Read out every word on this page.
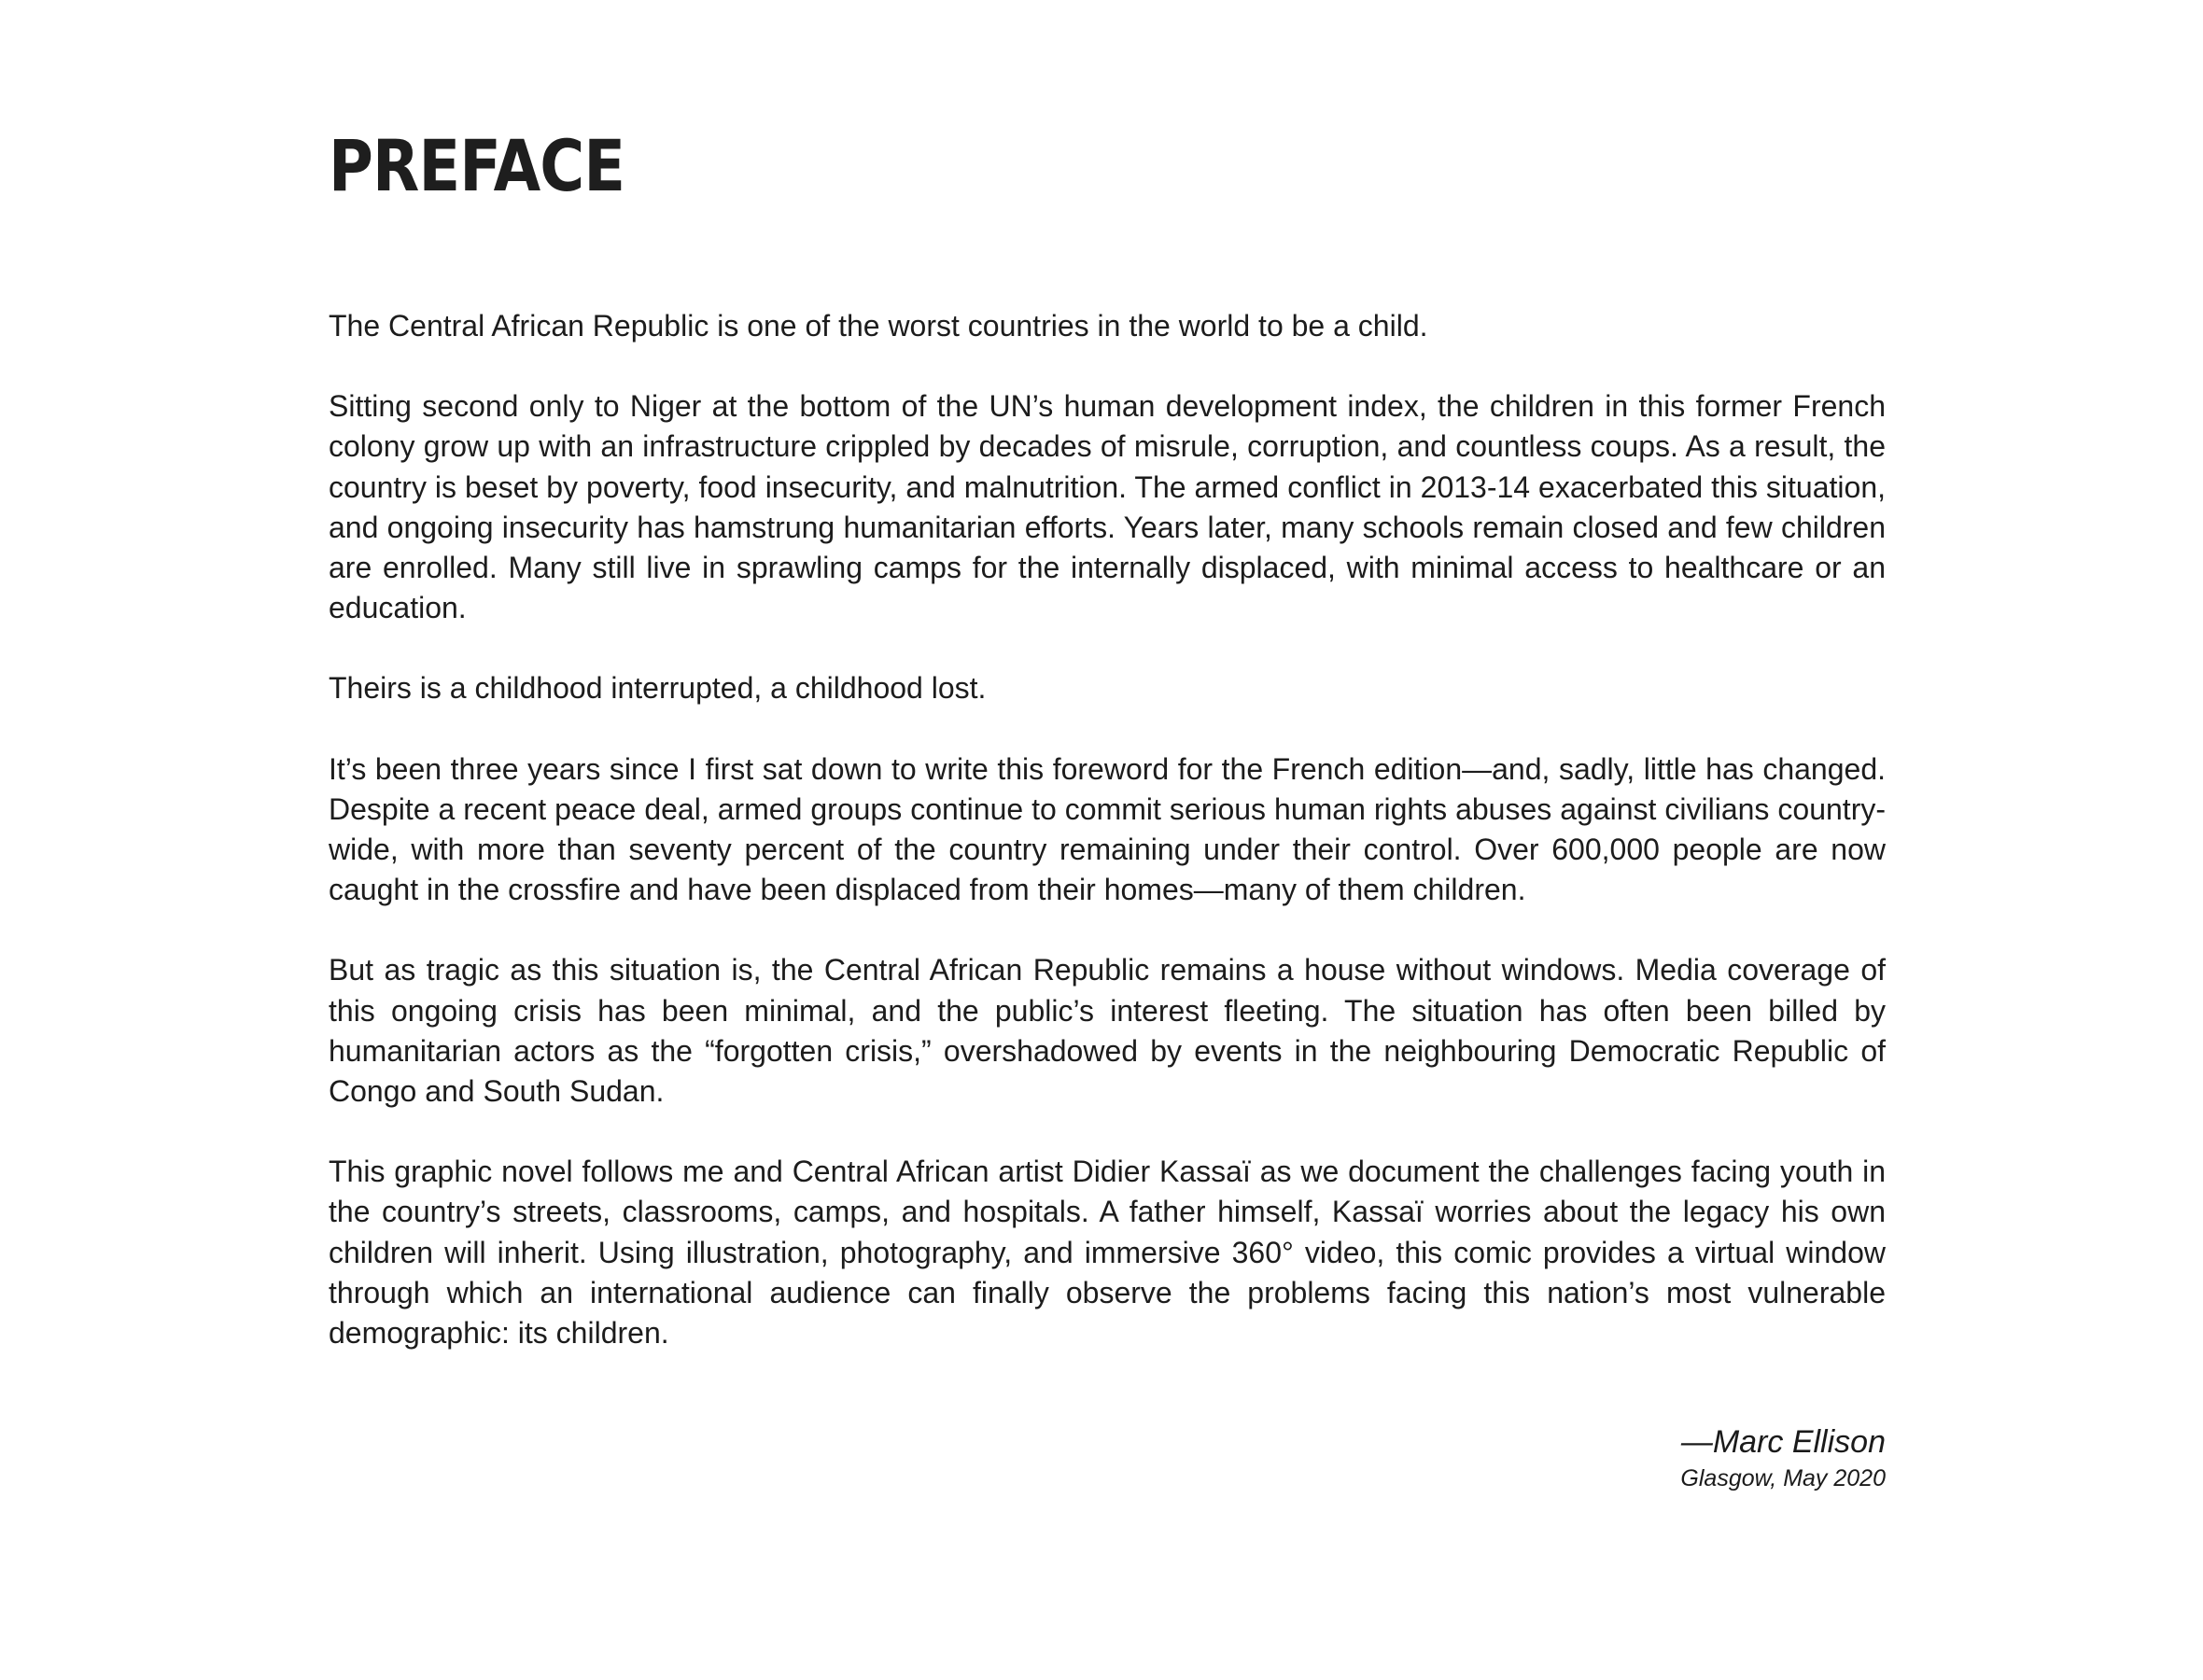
PREFACE

The Central African Republic is one of the worst countries in the world to be a child.

Sitting second only to Niger at the bottom of the UN’s human development index, the children in this former French colony grow up with an infrastructure crippled by decades of misrule, corruption, and countless coups. As a result, the country is beset by poverty, food insecurity, and malnutrition. The armed conflict in 2013-14 exacerbated this situation, and ongoing insecurity has hamstrung humanitarian efforts. Years later, many schools remain closed and few children are enrolled. Many still live in sprawling camps for the internally displaced, with minimal access to healthcare or an education.

Theirs is a childhood interrupted, a childhood lost.

It’s been three years since I first sat down to write this foreword for the French edition—and, sadly, little has changed. Despite a recent peace deal, armed groups continue to commit serious human rights abuses against civilians country-wide, with more than seventy percent of the country remaining under their control. Over 600,000 people are now caught in the crossfire and have been displaced from their homes—many of them children.

But as tragic as this situation is, the Central African Republic remains a house without windows. Media coverage of this ongoing crisis has been minimal, and the public’s interest fleeting. The situation has often been billed by humanitarian actors as the “forgotten crisis,” overshadowed by events in the neighbouring Democratic Republic of Congo and South Sudan.

This graphic novel follows me and Central African artist Didier Kassaï as we document the challenges facing youth in the country’s streets, classrooms, camps, and hospitals. A father himself, Kassaï worries about the legacy his own children will inherit. Using illustration, photography, and immersive 360° video, this comic provides a virtual window through which an international audience can finally observe the problems facing this nation’s most vulnerable demographic: its children.

—Marc Ellison
Glasgow, May 2020
